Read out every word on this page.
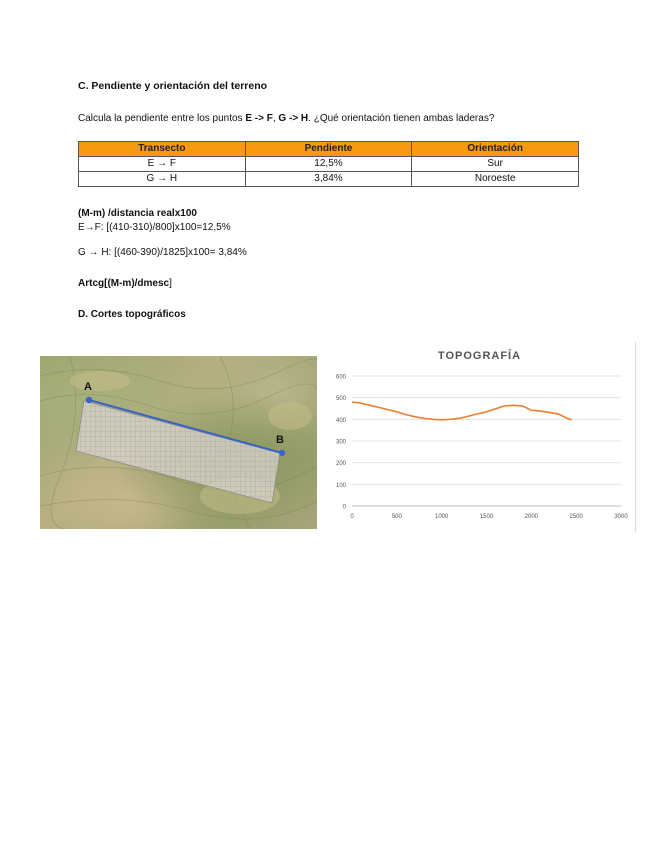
C. Pendiente y orientación del terreno
Calcula la pendiente entre los puntos E -> F, G -> H. ¿Qué orientación tienen ambas laderas?
Transecto	Pendiente	Orientación
E → F	12,5%	Sur
G → H	3,84%	Noroeste
(M-m) /distancia realx100
E→F: [(410-310)/800]x100=12,5%
G → H: [(460-390)/1825]x100= 3,84%
Artcg[(M-m)/dmesc]
D. Cortes topográficos
A
B
TOPOGRAFÍA
0
100
200
300
400
500
600
0	500	1000	1500	2000	2500	3000
